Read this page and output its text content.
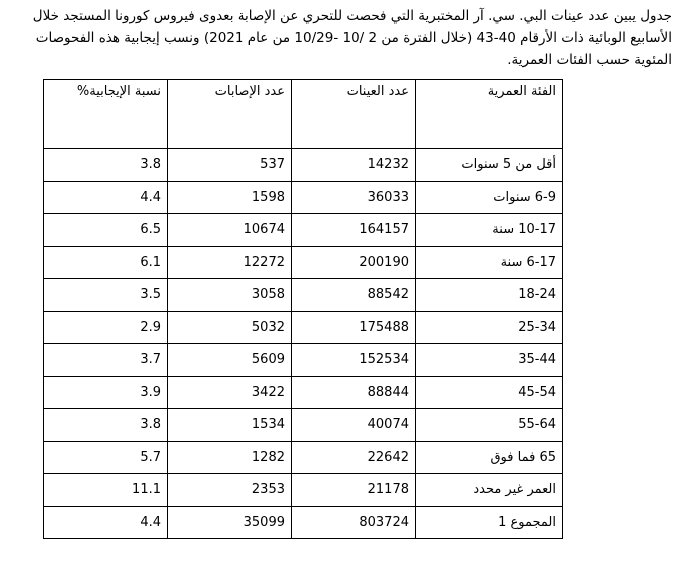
جدول يبين عدد عينات البي. سي. آر المختبرية التي فحصت للتحري عن الإصابة بعدوى فيروس كورونا المستجد خلال
الأسابيع الوبائية ذات الأرقام 40-43 (خلال الفترة من 2 /10 -10/29 من عام 2021) ونسب إيجابية هذه الفحوصات
المئوية حسب الفئات العمرية.
نسبة الإيجابية%	عدد الإصابات	عدد العينات	الفئة العمرية
3.8	537	14232	أقل من 5 سنوات
4.4	1598	36033	6-9 سنوات
6.5	10674	164157	10-17 سنة
6.1	12272	200190	6-17 سنة
3.5	3058	88542	18-24
2.9	5032	175488	25-34
3.7	5609	152534	35-44
3.9	3422	88844	45-54
3.8	1534	40074	55-64
5.7	1282	22642	65 فما فوق
11.1	2353	21178	العمر غير محدد
4.4	35099	803724	المجموع 1
